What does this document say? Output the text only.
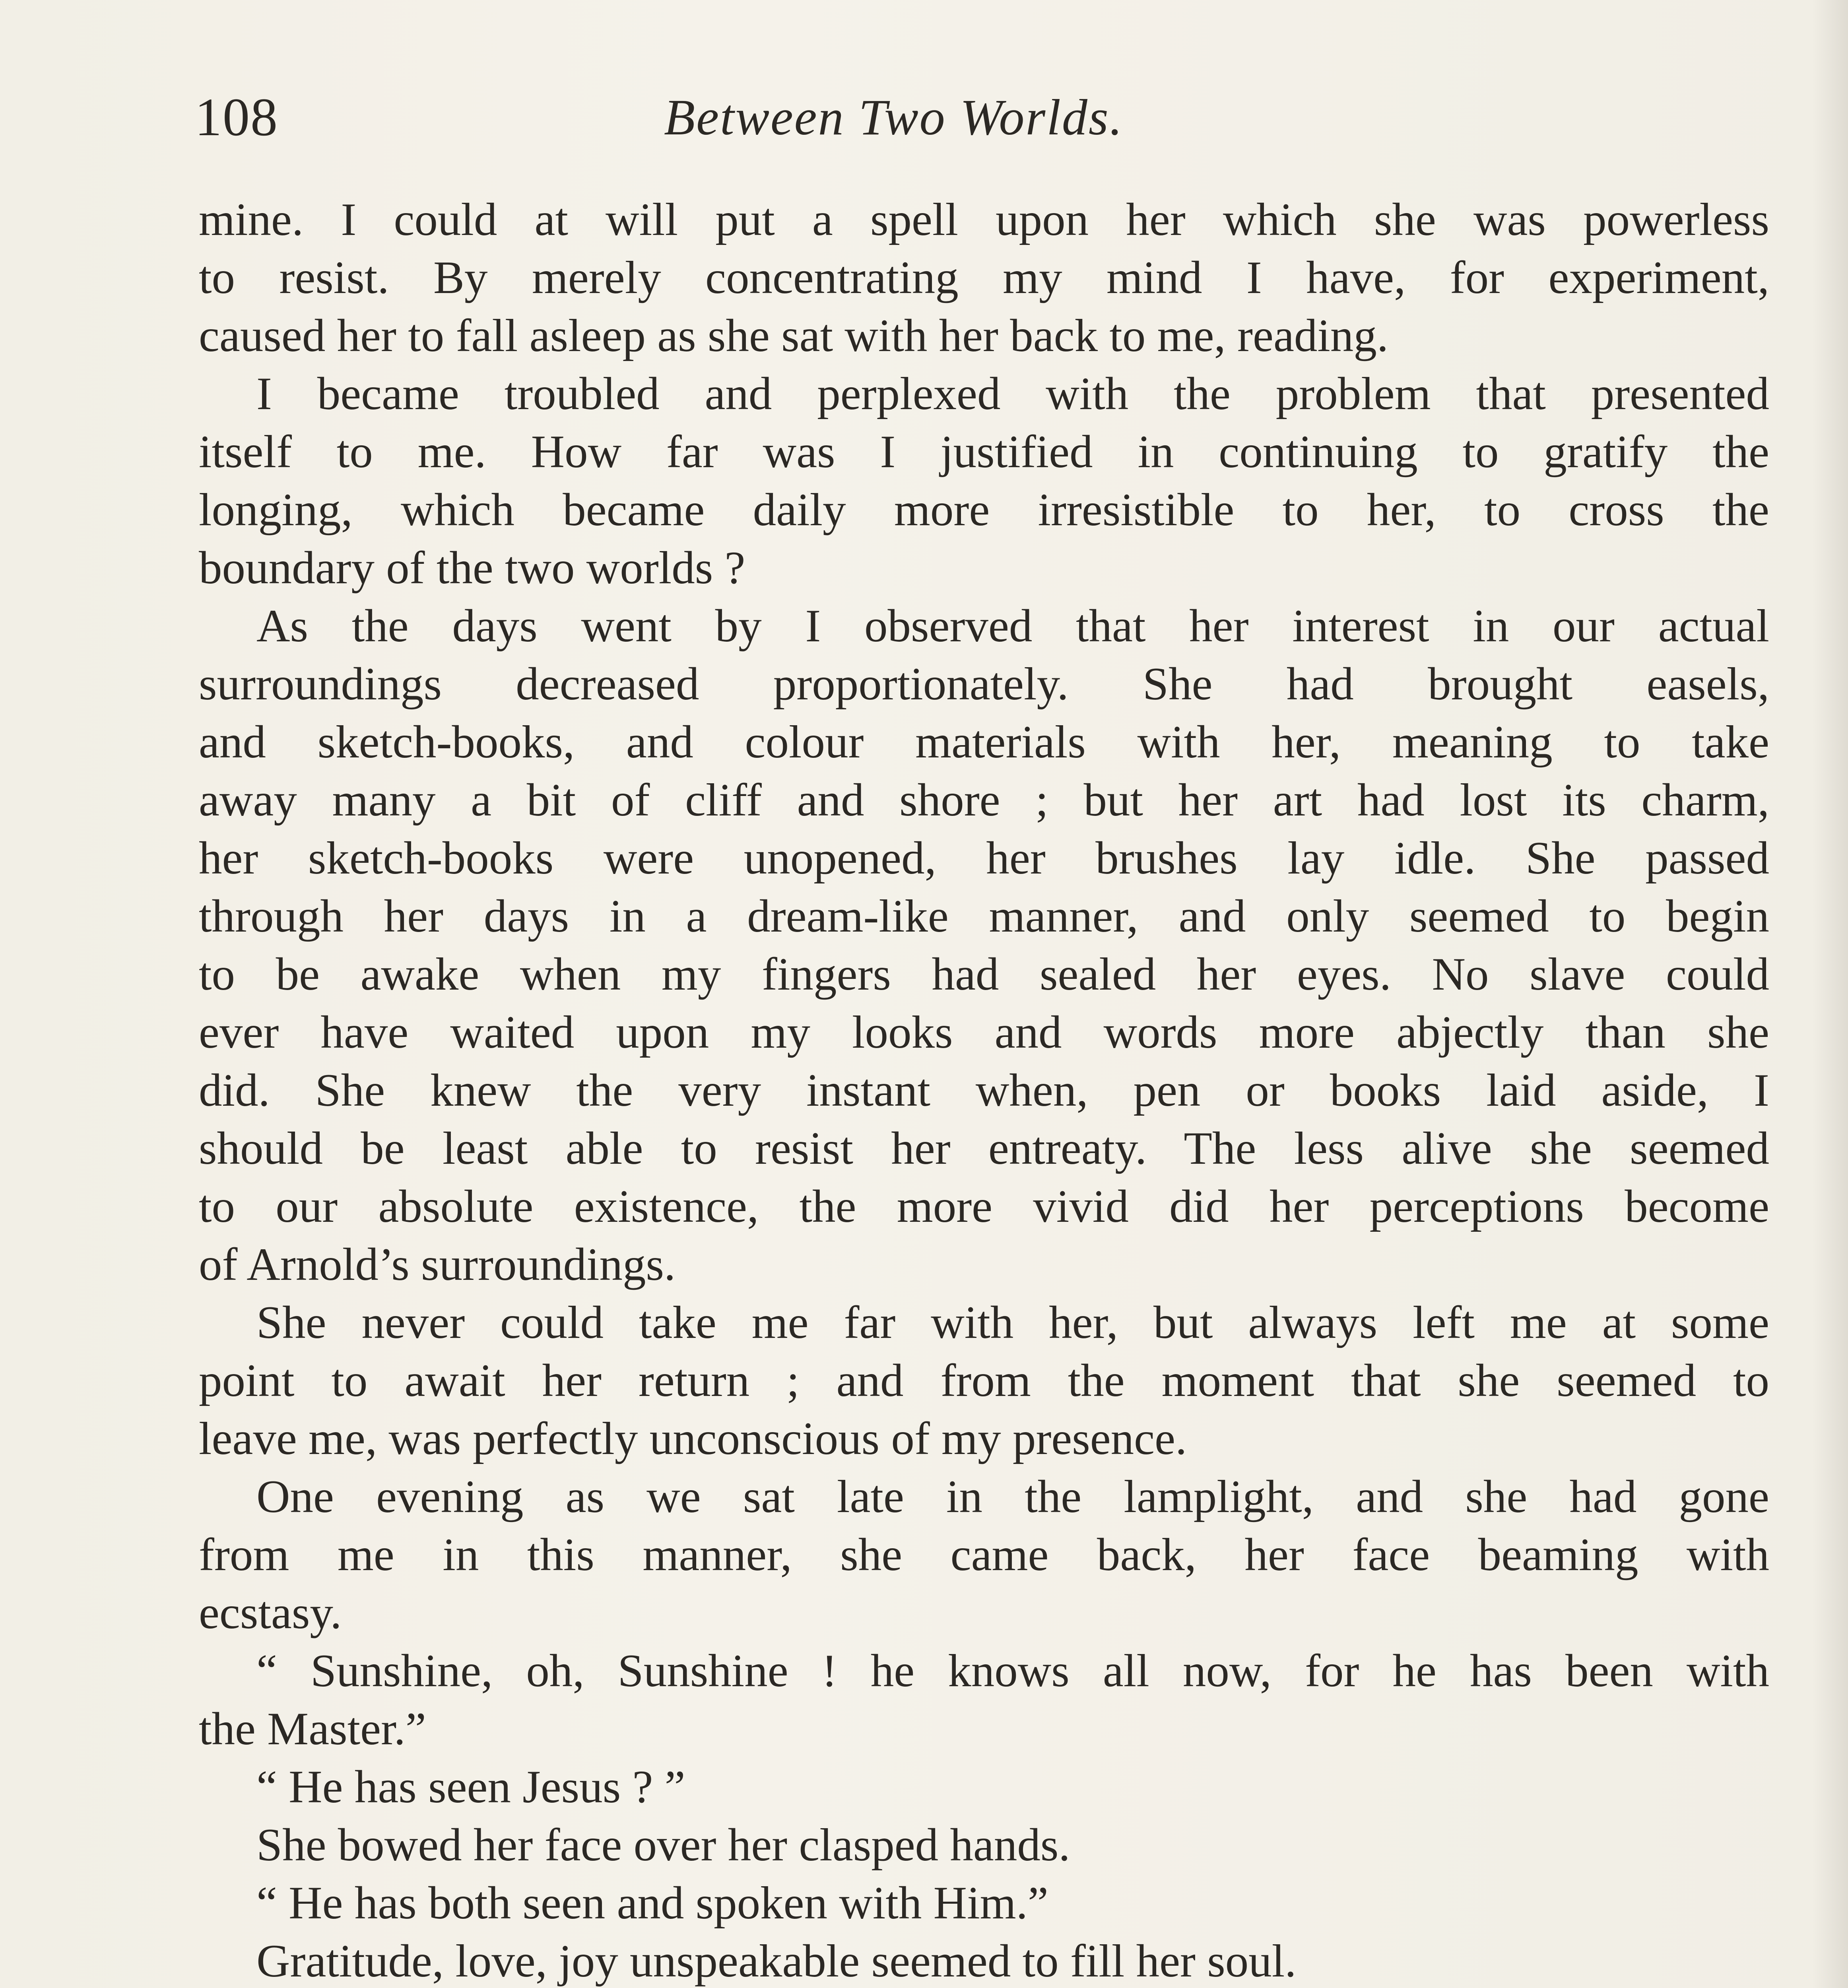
108	Between Two Worlds.
mine. I could at will put a spell upon her which she was powerless
to resist. By merely concentrating my mind I have, for experiment,
caused her to fall asleep as she sat with her back to me, reading.
I became troubled and perplexed with the problem that presented
itself to me. How far was I justified in continuing to gratify the
longing, which became daily more irresistible to her, to cross the
boundary of the two worlds ?
As the days went by I observed that her interest in our actual
surroundings decreased proportionately. She had brought easels,
and sketch-books, and colour materials with her, meaning to take
away many a bit of cliff and shore ; but her art had lost its charm,
her sketch-books were unopened, her brushes lay idle. She passed
through her days in a dream-like manner, and only seemed to begin
to be awake when my fingers had sealed her eyes. No slave could
ever have waited upon my looks and words more abjectly than she
did. She knew the very instant when, pen or books laid aside, I
should be least able to resist her entreaty. The less alive she seemed
to our absolute existence, the more vivid did her perceptions become
of Arnold’s surroundings.
She never could take me far with her, but always left me at some
point to await her return ; and from the moment that she seemed to
leave me, was perfectly unconscious of my presence.
One evening as we sat late in the lamplight, and she had gone
from me in this manner, she came back, her face beaming with
ecstasy.
“ Sunshine, oh, Sunshine ! he knows all now, for he has been with
the Master.”
“ He has seen Jesus ? ”
She bowed her face over her clasped hands.
“ He has both seen and spoken with Him.”
Gratitude, love, joy unspeakable seemed to fill her soul.
